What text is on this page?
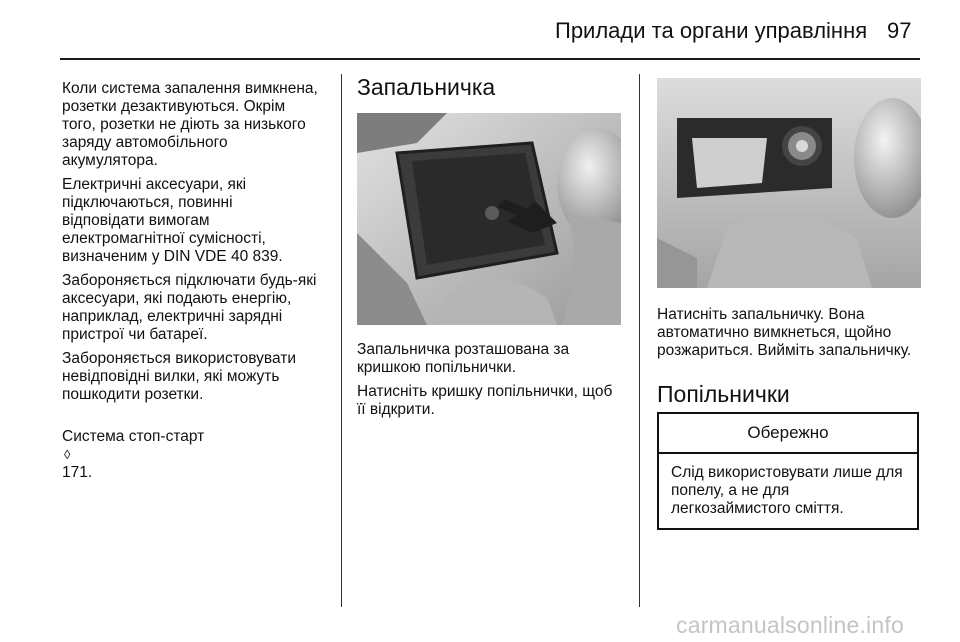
Прилади та органи управління 97

Коли система запалення вимкнена,
розетки дезактивуються. Окрім
того, розетки не діють за низького
заряду автомобільного
акумулятора.

Електричні аксесуари, які
підключаються, повинні
відповідати вимогам
електромагнітної сумісності,
визначеним у DIN VDE 40 839.

Забороняється підключати будь-які
аксесуари, які подають енергію,
наприклад, електричні зарядні
пристрої чи батареї.

Забороняється використовувати
невідповідні вилки, які можуть
пошкодити розетки.

Система стоп-старт
◊
171.

Запальничка

Запальничка розташована за
кришкою попільнички.

Натисніть кришку попільнички, щоб
її відкрити.

Натисніть запальничку. Вона
автоматично вимкнеться, щойно
розжариться. Вийміть запальничку.

Попільнички
Обережно
Слід використовувати лише для
попелу, а не для
легкозаймистого сміття.
carmanualsonline.info
